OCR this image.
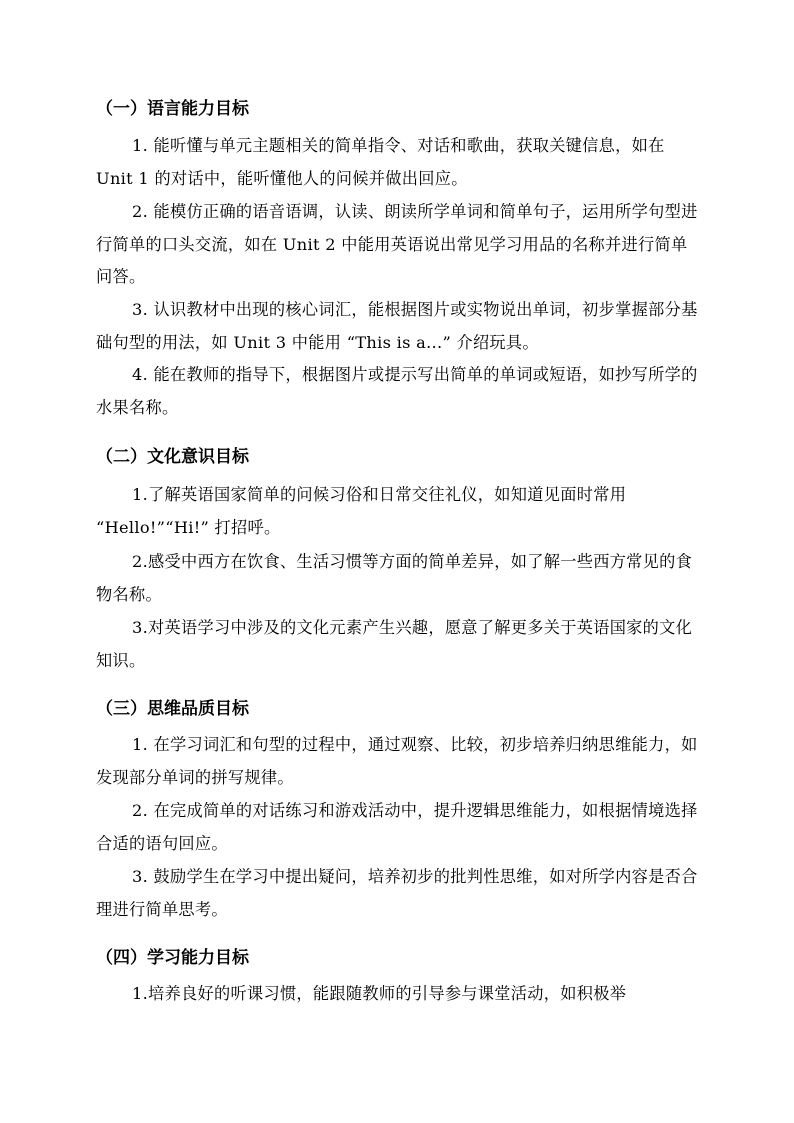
（一）语言能力目标
1. 能听懂与单元主题相关的简单指令、对话和歌曲，获取关键信息，如在 Unit 1 的对话中，能听懂他人的问候并做出回应。
2. 能模仿正确的语音语调，认读、朗读所学单词和简单句子，运用所学句型进行简单的口头交流，如在 Unit 2 中能用英语说出常见学习用品的名称并进行简单问答。
3. 认识教材中出现的核心词汇，能根据图片或实物说出单词，初步掌握部分基础句型的用法，如 Unit 3 中能用 “This is a...” 介绍玩具。
4. 能在教师的指导下，根据图片或提示写出简单的单词或短语，如抄写所学的水果名称。
（二）文化意识目标
1.了解英语国家简单的问候习俗和日常交往礼仪，如知道见面时常用 “Hello!”“Hi!” 打招呼。
2.感受中西方在饮食、生活习惯等方面的简单差异，如了解一些西方常见的食物名称。
3.对英语学习中涉及的文化元素产生兴趣，愿意了解更多关于英语国家的文化知识。
（三）思维品质目标
1. 在学习词汇和句型的过程中，通过观察、比较，初步培养归纳思维能力，如发现部分单词的拼写规律。
2. 在完成简单的对话练习和游戏活动中，提升逻辑思维能力，如根据情境选择合适的语句回应。
3. 鼓励学生在学习中提出疑问，培养初步的批判性思维，如对所学内容是否合理进行简单思考。
（四）学习能力目标
1.培养良好的听课习惯，能跟随教师的引导参与课堂活动，如积极举
